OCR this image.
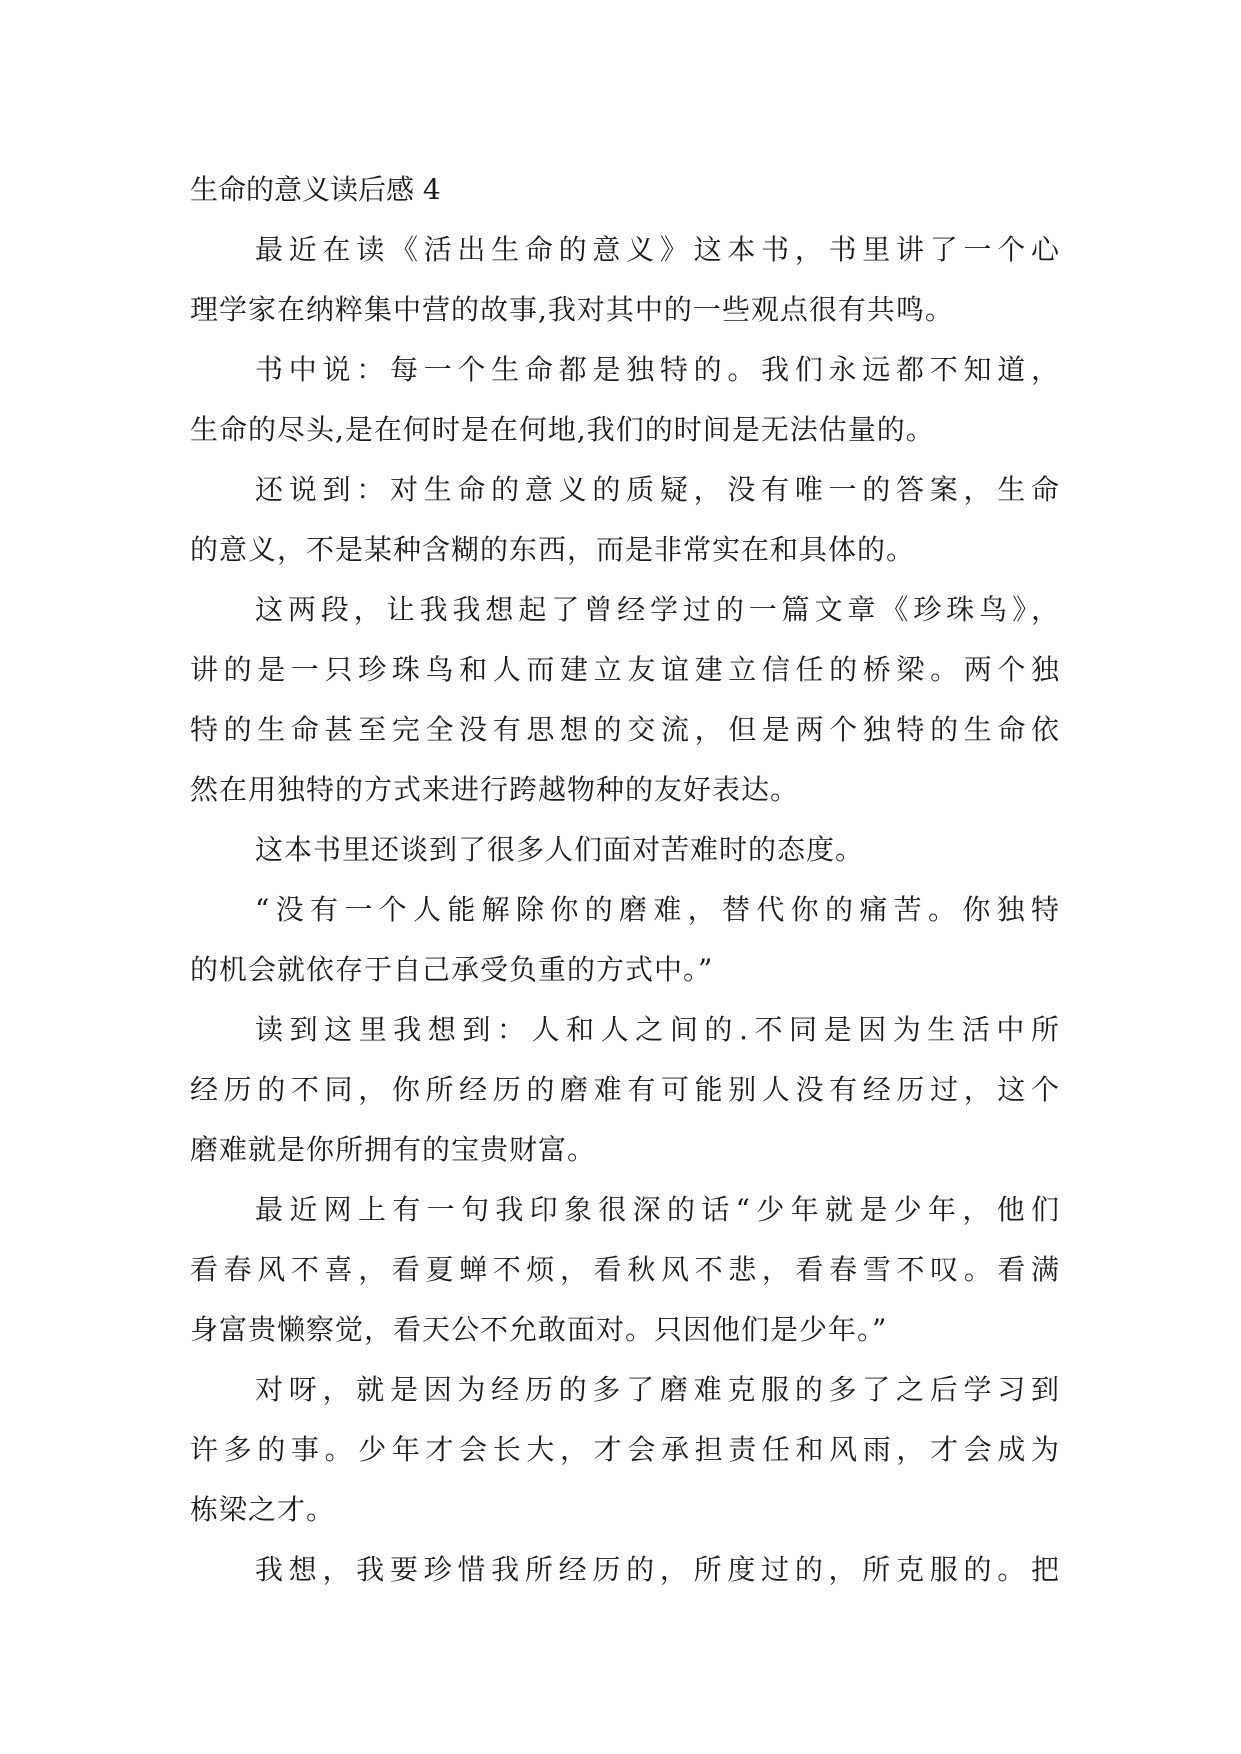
生命的意义读后感 4
最近在读《活出生命的意义》这本书，书里讲了一个心
理学家在纳粹集中营的故事,我对其中的一些观点很有共鸣。
书中说：每一个生命都是独特的。我们永远都不知道，
生命的尽头,是在何时是在何地,我们的时间是无法估量的。
还说到：对生命的意义的质疑，没有唯一的答案，生命
的意义，不是某种含糊的东西，而是非常实在和具体的。
这两段，让我我想起了曾经学过的一篇文章《珍珠鸟》，
讲的是一只珍珠鸟和人而建立友谊建立信任的桥梁。两个独
特的生命甚至完全没有思想的交流，但是两个独特的生命依
然在用独特的方式来进行跨越物种的友好表达。
这本书里还谈到了很多人们面对苦难时的态度。
“没有一个人能解除你的磨难，替代你的痛苦。你独特
的机会就依存于自己承受负重的方式中。”
读到这里我想到：人和人之间的.不同是因为生活中所
经历的不同，你所经历的磨难有可能别人没有经历过，这个
磨难就是你所拥有的宝贵财富。
最近网上有一句我印象很深的话“少年就是少年，他们
看春风不喜，看夏蝉不烦，看秋风不悲，看春雪不叹。看满
身富贵懒察觉，看天公不允敢面对。只因他们是少年。”
对呀，就是因为经历的多了磨难克服的多了之后学习到
许多的事。少年才会长大，才会承担责任和风雨，才会成为
栋梁之才。
我想，我要珍惜我所经历的，所度过的，所克服的。把
